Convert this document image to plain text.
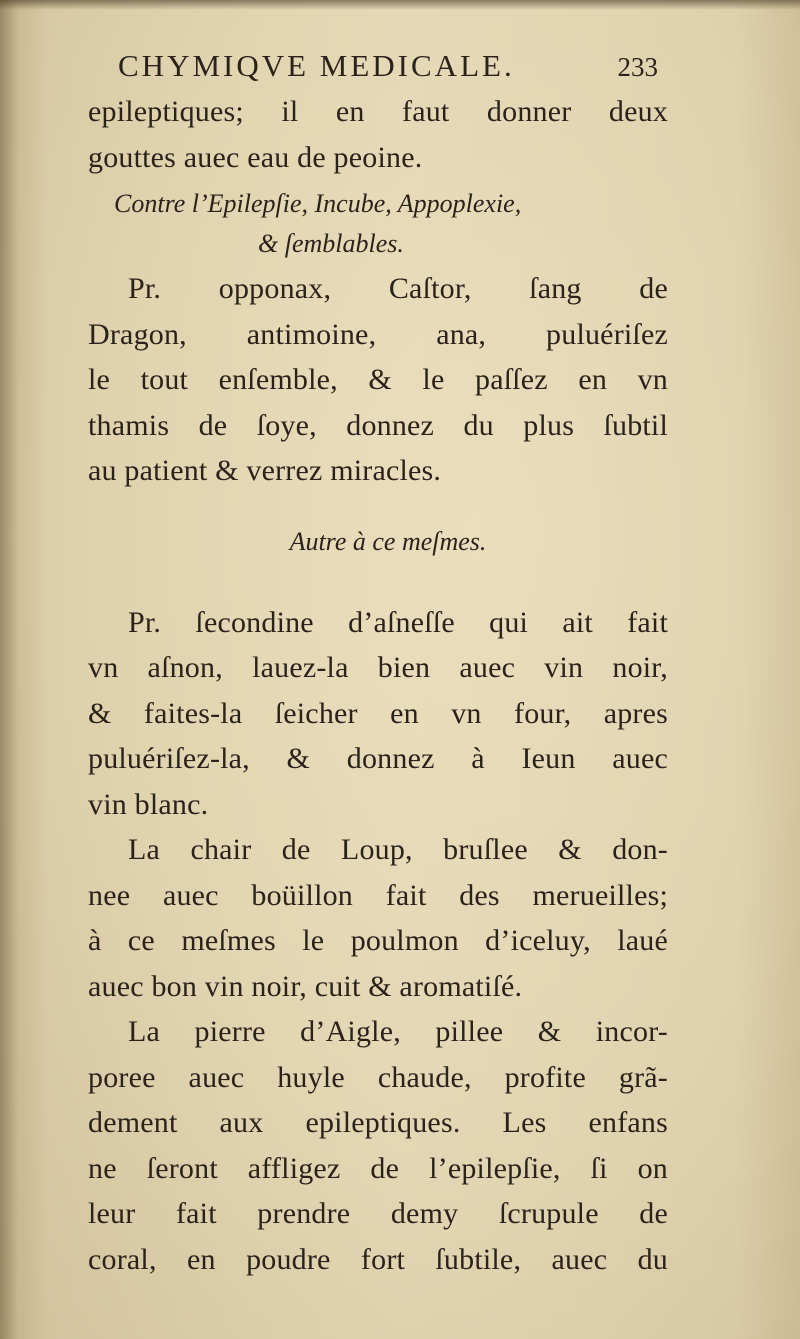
CHYMIQVE MEDICALE.	233
epileptiques; il en faut donner deux
gouttes auec eau de peoine.
Contre l’Epilepſie, Incube, Appoplexie,
& ſemblables.
Pr. opponax, Caſtor, ſang de
Dragon, antimoine, ana, puluériſez
le tout enſemble, & le paſſez en vn
thamis de ſoye, donnez du plus ſubtil
au patient & verrez miracles.
Autre à ce meſmes.
Pr. ſecondine d’aſneſſe qui ait fait
vn aſnon, lauez-la bien auec vin noir,
& faites-la ſeicher en vn four, apres
puluériſez-la, & donnez à Ieun auec
vin blanc.
La chair de Loup, bruſlee & don-
nee auec boüillon fait des merueilles;
à ce meſmes le poulmon d’iceluy, laué
auec bon vin noir, cuit & aromatiſé.
La pierre d’Aigle, pillee & incor-
poree auec huyle chaude, profite grã-
dement aux epileptiques. Les enfans
ne ſeront affligez de l’epilepſie, ſi on
leur fait prendre demy ſcrupule de
coral, en poudre fort ſubtile, auec du
